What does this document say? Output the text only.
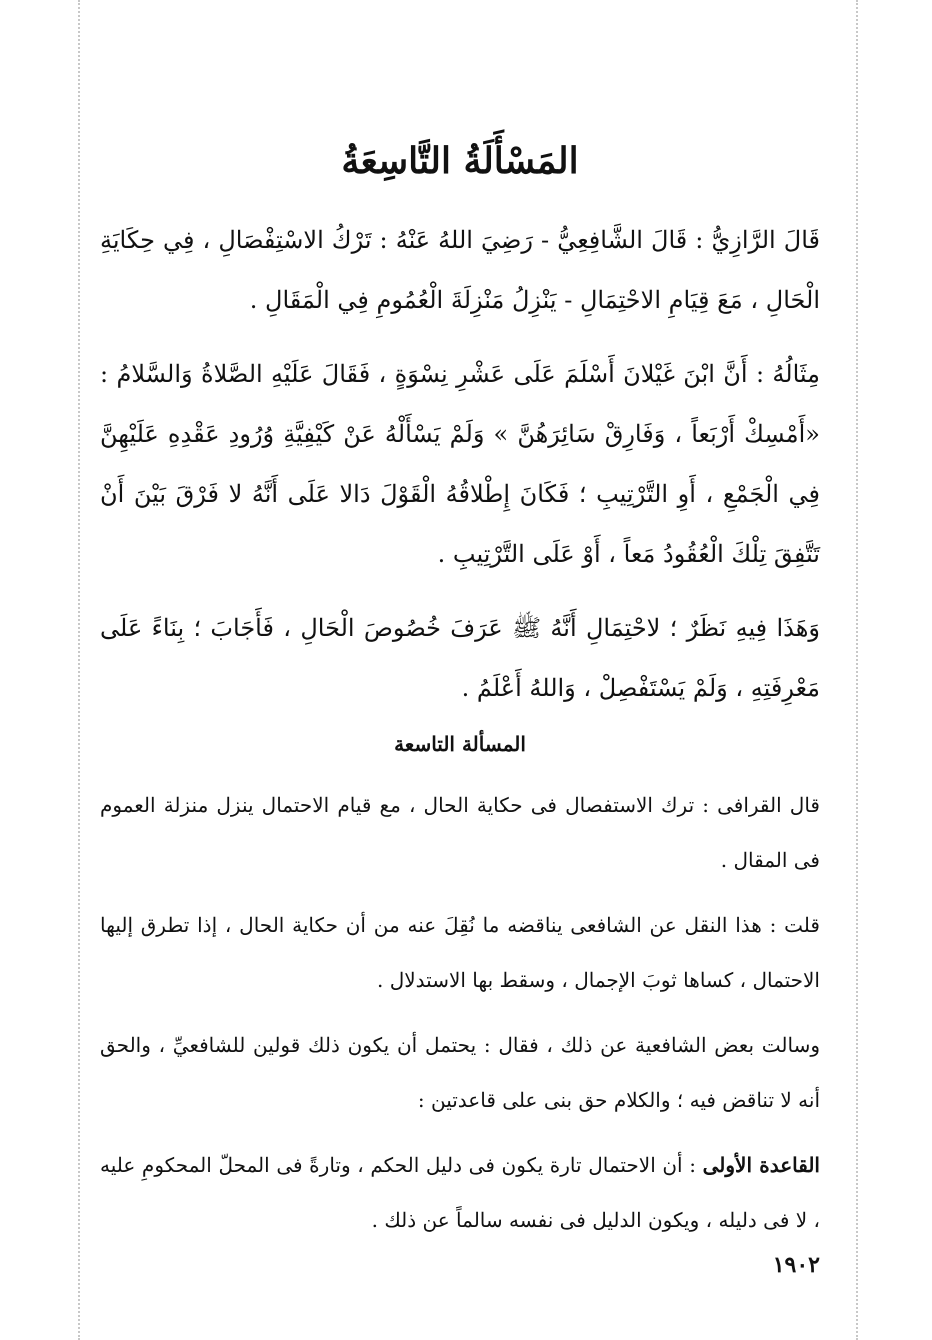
المَسْأَلَةُ التَّاسِعَةُ

قَالَ الرَّازِيُّ : قَالَ الشَّافِعِيُّ - رَضِيَ اللهُ عَنْهُ : تَرْكُ الاسْتِفْصَالِ ، فِي حِكَايَةِ الْحَالِ ، مَعَ قِيَامِ الاحْتِمَالِ - يَنْزِلُ مَنْزِلَةَ الْعُمُومِ فِي الْمَقَالِ .

مِثَالُهُ : أَنَّ ابْنَ غَيْلانَ أَسْلَمَ عَلَى عَشْرِ نِسْوَةٍ ، فَقَالَ عَلَيْهِ الصَّلاةُ وَالسَّلامُ : «أَمْسِكْ أَرْبَعاً ، وَفَارِقْ سَائِرَهُنَّ » وَلَمْ يَسْأَلْهُ عَنْ كَيْفِيَّةِ وُرُودِ عَقْدِهِ عَلَيْهِنَّ فِي الْجَمْعِ ، أَوِ التَّرْتِيبِ ؛ فَكَانَ إِطْلاقُهُ الْقَوْلَ دَالا عَلَى أَنَّهُ لا فَرْقَ بَيْنَ أَنْ تَتَّفِقَ تِلْكَ الْعُقُودُ مَعاً ، أَوْ عَلَى التَّرْتِيبِ .

وَهَذَا فِيهِ نَظَرٌ ؛ لاحْتِمَالِ أَنَّهُ ﷺ عَرَفَ خُصُوصَ الْحَالِ ، فَأَجَابَ ؛ بِنَاءً عَلَى مَعْرِفَتِهِ ، وَلَمْ يَسْتَفْصِلْ ، وَاللهُ أَعْلَمُ .

المسألة التاسعة

قال القرافى : ترك الاستفصال فى حكاية الحال ، مع قيام الاحتمال ينزل منزلة العموم فى المقال .

قلت : هذا النقل عن الشافعى يناقضه ما نُقِلَ عنه من أن حكاية الحال ، إذا تطرق إليها الاحتمال ، كساها ثوبَ الإجمال ، وسقط بها الاستدلال .

وسالت بعض الشافعية عن ذلك ، فقال : يحتمل أن يكون ذلك قولين للشافعيِّ ، والحق أنه لا تناقض فيه ؛ والكلام حق بنى على قاعدتين :

القاعدة الأولى : أن الاحتمال تارة يكون فى دليل الحكم ، وتارةً فى المحلّ المحكومِ عليه ، لا فى دليله ، ويكون الدليل فى نفسه سالماً عن ذلك .

١٩٠٢
